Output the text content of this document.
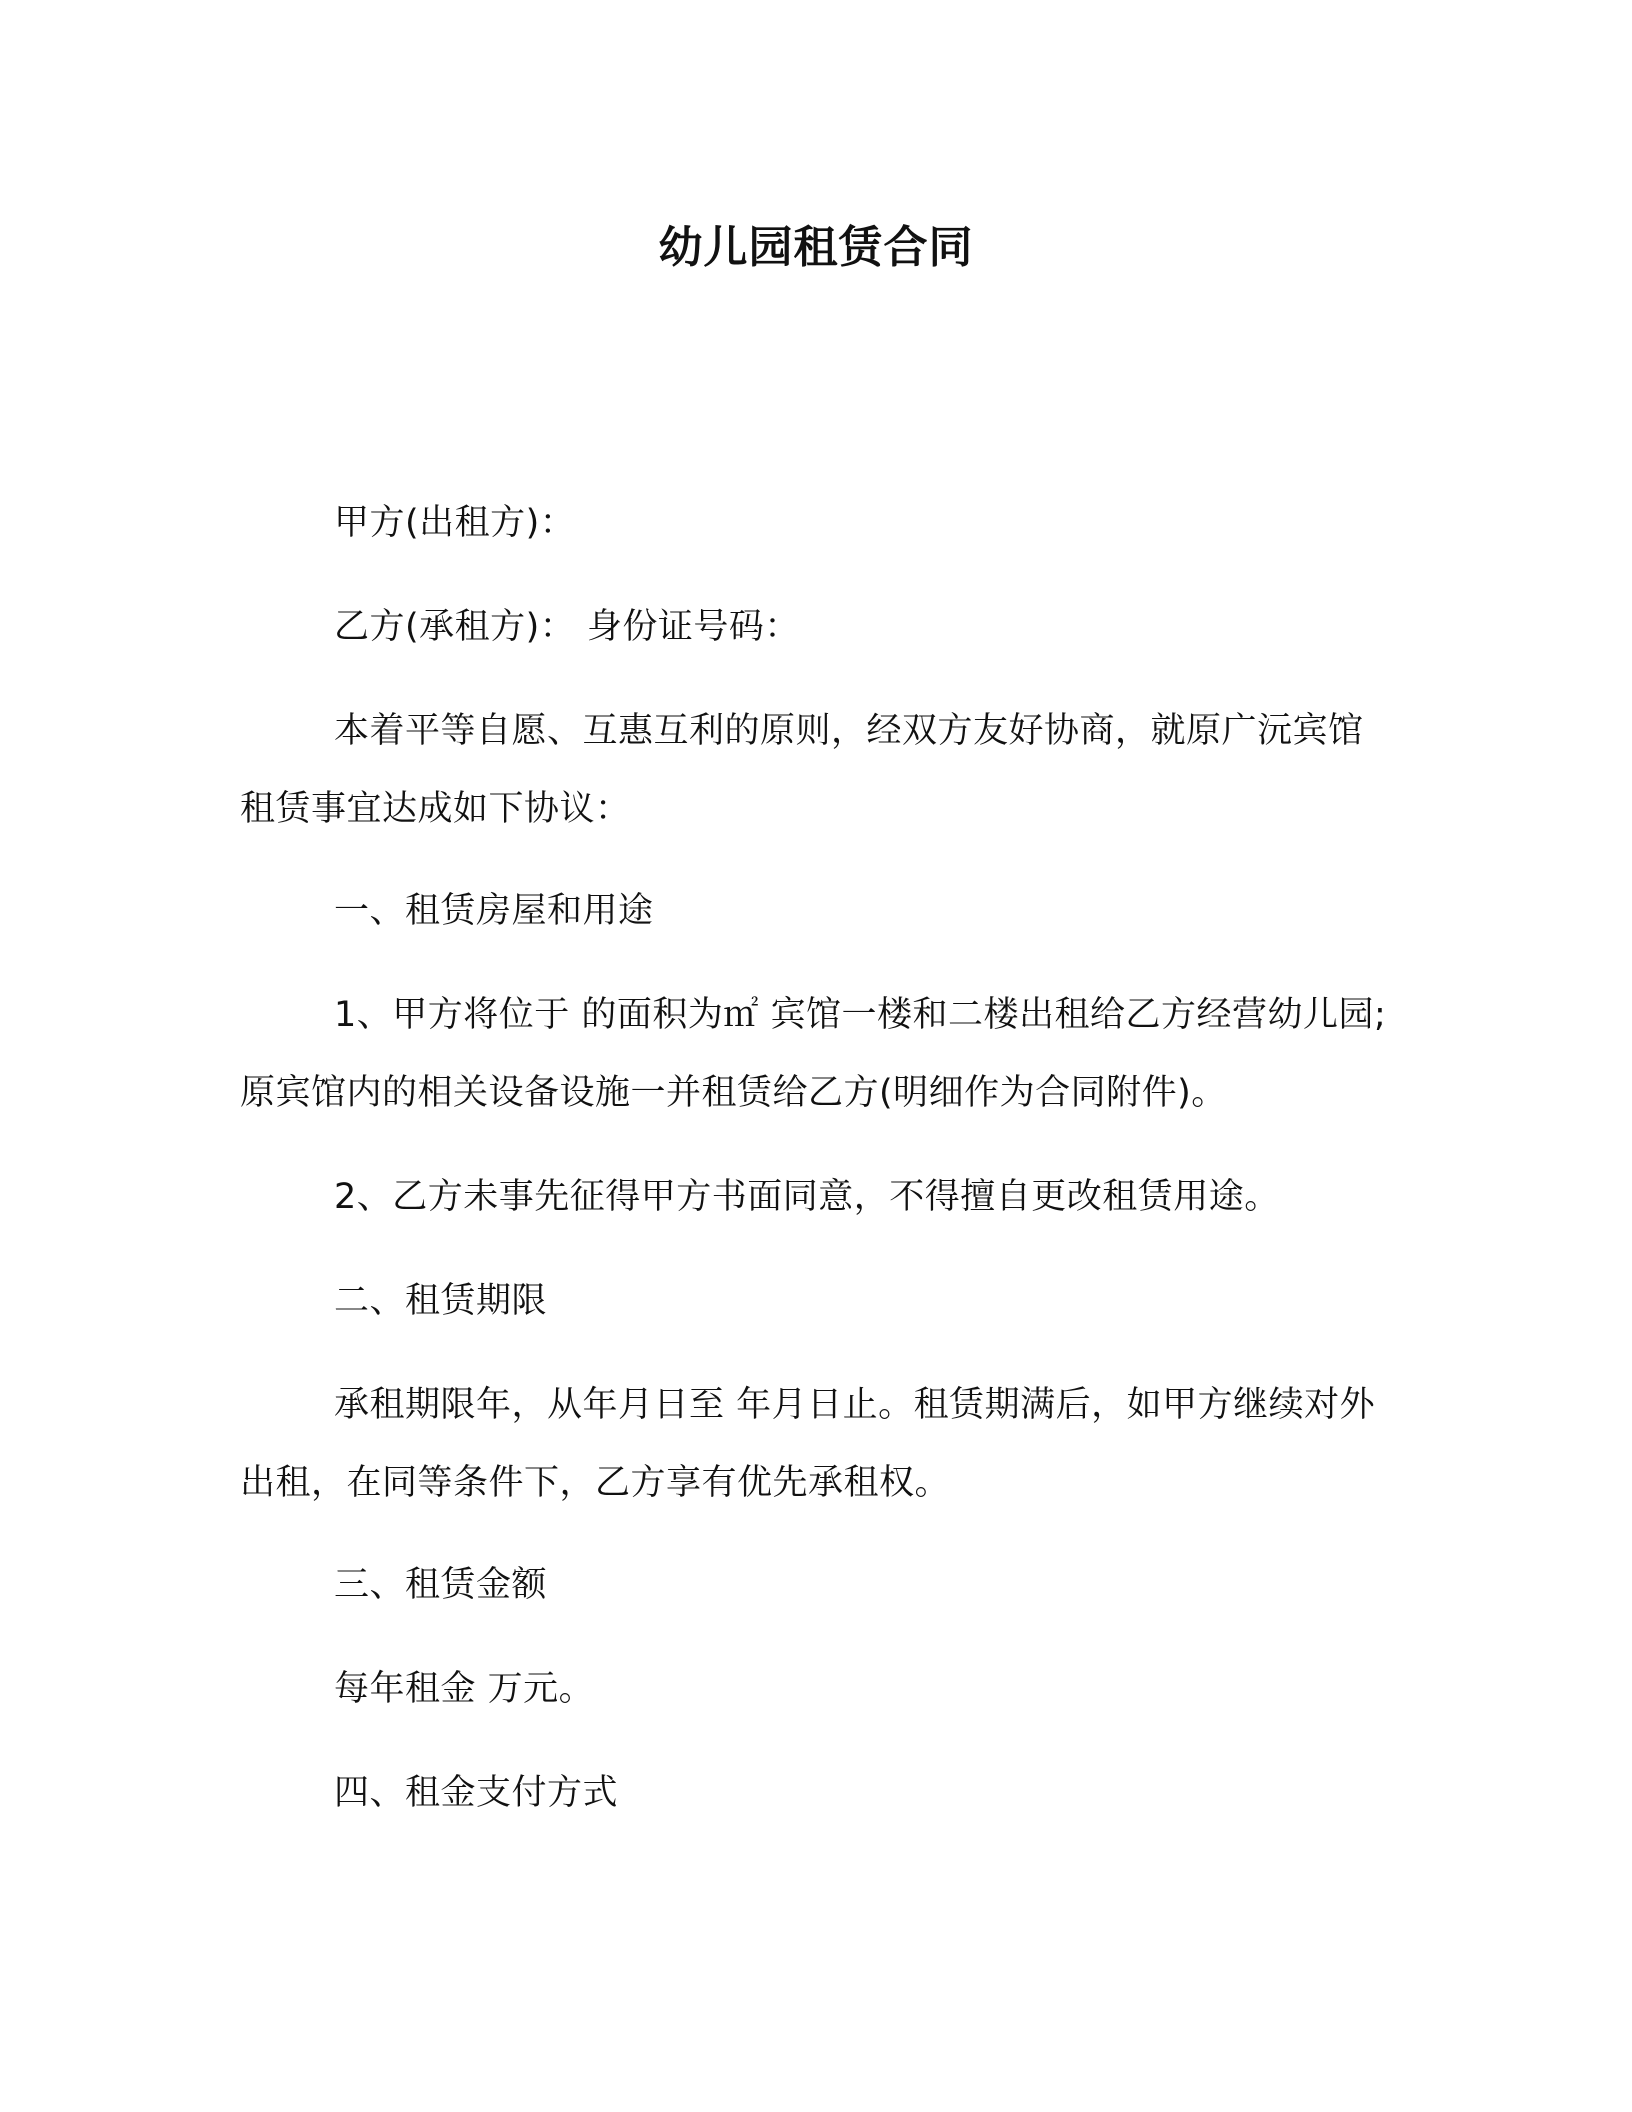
幼儿园租赁合同
甲方(出租方)：
乙方(承租方)： 身份证号码：
本着平等自愿、互惠互利的原则，经双方友好协商，就原广沅宾馆租赁事宜达成如下协议：
一、租赁房屋和用途
1、甲方将位于 的面积为㎡ 宾馆一楼和二楼出租给乙方经营幼儿园;原宾馆内的相关设备设施一并租赁给乙方(明细作为合同附件)。
2、乙方未事先征得甲方书面同意，不得擅自更改租赁用途。
二、租赁期限
承租期限年，从年月日至 年月日止。租赁期满后，如甲方继续对外出租，在同等条件下，乙方享有优先承租权。
三、租赁金额
每年租金 万元。
四、租金支付方式
